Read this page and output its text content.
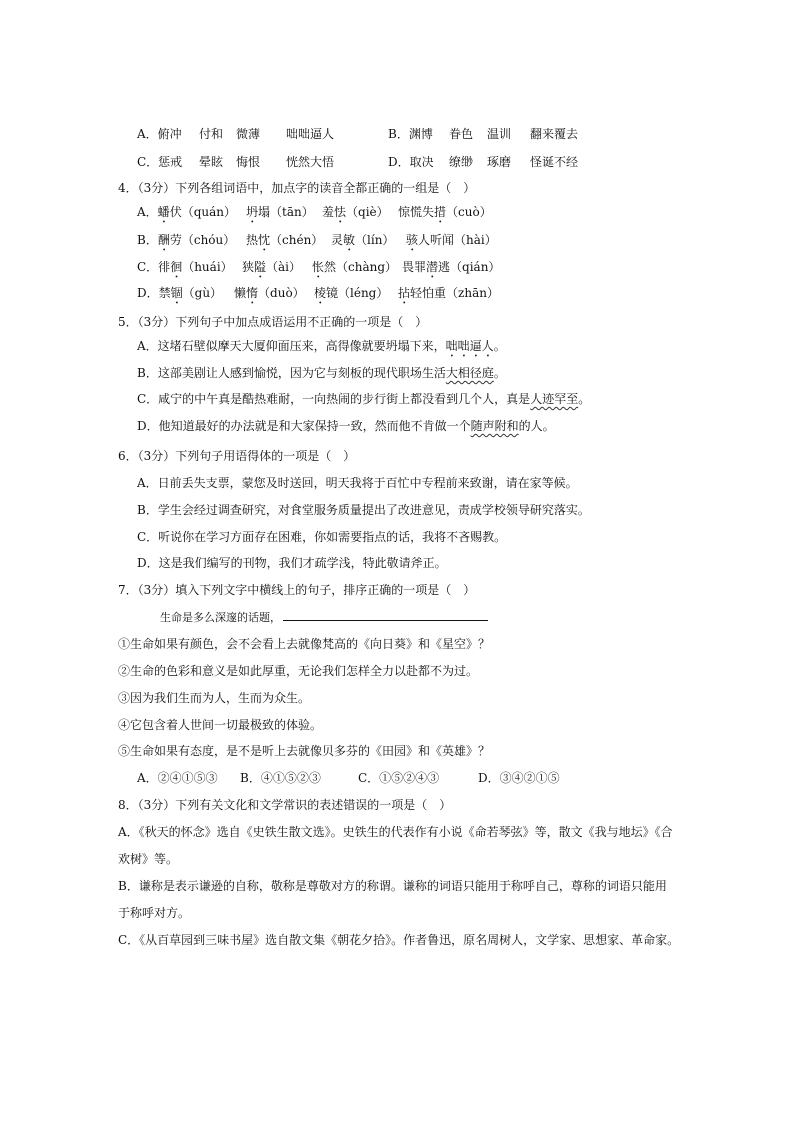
A．俯冲 付和 微薄 咄咄逼人	B．渊博 眷色 温训 翻来覆去
C．惩戒 晕眩 悔恨 恍然大悟	D．取决 缭缈 琢磨 怪诞不经
4．（3分）下列各组词语中，加点字的读音全都正确的一组是（　）
A．蟠伏（quán） 坍塌（tān） 羞怯（qiè） 惊慌失措（cuò）
B．酬劳（chóu） 热忱（chén） 灵敏（lín） 骇人听闻（hài）
C．徘徊（huái） 狭隘（ài） 怅然（chàng） 畏罪潜逃（qián）
D．禁锢（gù） 懒惰（duò） 棱镜（léng） 拈轻怕重（zhān）
5．（3分）下列句子中加点成语运用不正确的一项是（　）
A．这堵石壁似摩天大厦仰面压来，高得像就要坍塌下来，咄咄逼人。
B．这部美剧让人感到愉悦，因为它与刻板的现代职场生活大相径庭。
C．咸宁的中午真是酷热难耐，一向热闹的步行街上都没看到几个人，真是人迹罕至。
D．他知道最好的办法就是和大家保持一致，然而他不肯做一个随声附和的人。
6．（3分）下列句子用语得体的一项是（　）
A．日前丢失支票，蒙您及时送回，明天我将于百忙中专程前来致谢，请在家等候。
B．学生会经过调查研究，对食堂服务质量提出了改进意见，责成学校领导研究落实。
C．听说你在学习方面存在困难，你如需要指点的话，我将不吝赐教。
D．这是我们编写的刊物，我们才疏学浅，特此敬请斧正。
7．（3分）填入下列文字中横线上的句子，排序正确的一项是（　）
生命是多么深邃的话题，
①生命如果有颜色，会不会看上去就像梵高的《向日葵》和《星空》？
②生命的色彩和意义是如此厚重，无论我们怎样全力以赴都不为过。
③因为我们生而为人，生而为众生。
④它包含着人世间一切最极致的体验。
⑤生命如果有态度，是不是听上去就像贝多芬的《田园》和《英雄》？
A．②④①⑤③ B．④①⑤②③	C．①⑤②④③	D．③④②①⑤
8．（3分）下列有关文化和文学常识的表述错误的一项是（　）
A．《秋天的怀念》选自《史铁生散文选》。史铁生的代表作有小说《命若琴弦》等，散文《我与地坛》《合
欢树》等。
B．谦称是表示谦逊的自称，敬称是尊敬对方的称谓。谦称的词语只能用于称呼自己，尊称的词语只能用
于称呼对方。
C．《从百草园到三味书屋》选自散文集《朝花夕拾》。作者鲁迅，原名周树人，文学家、思想家、革命家。
